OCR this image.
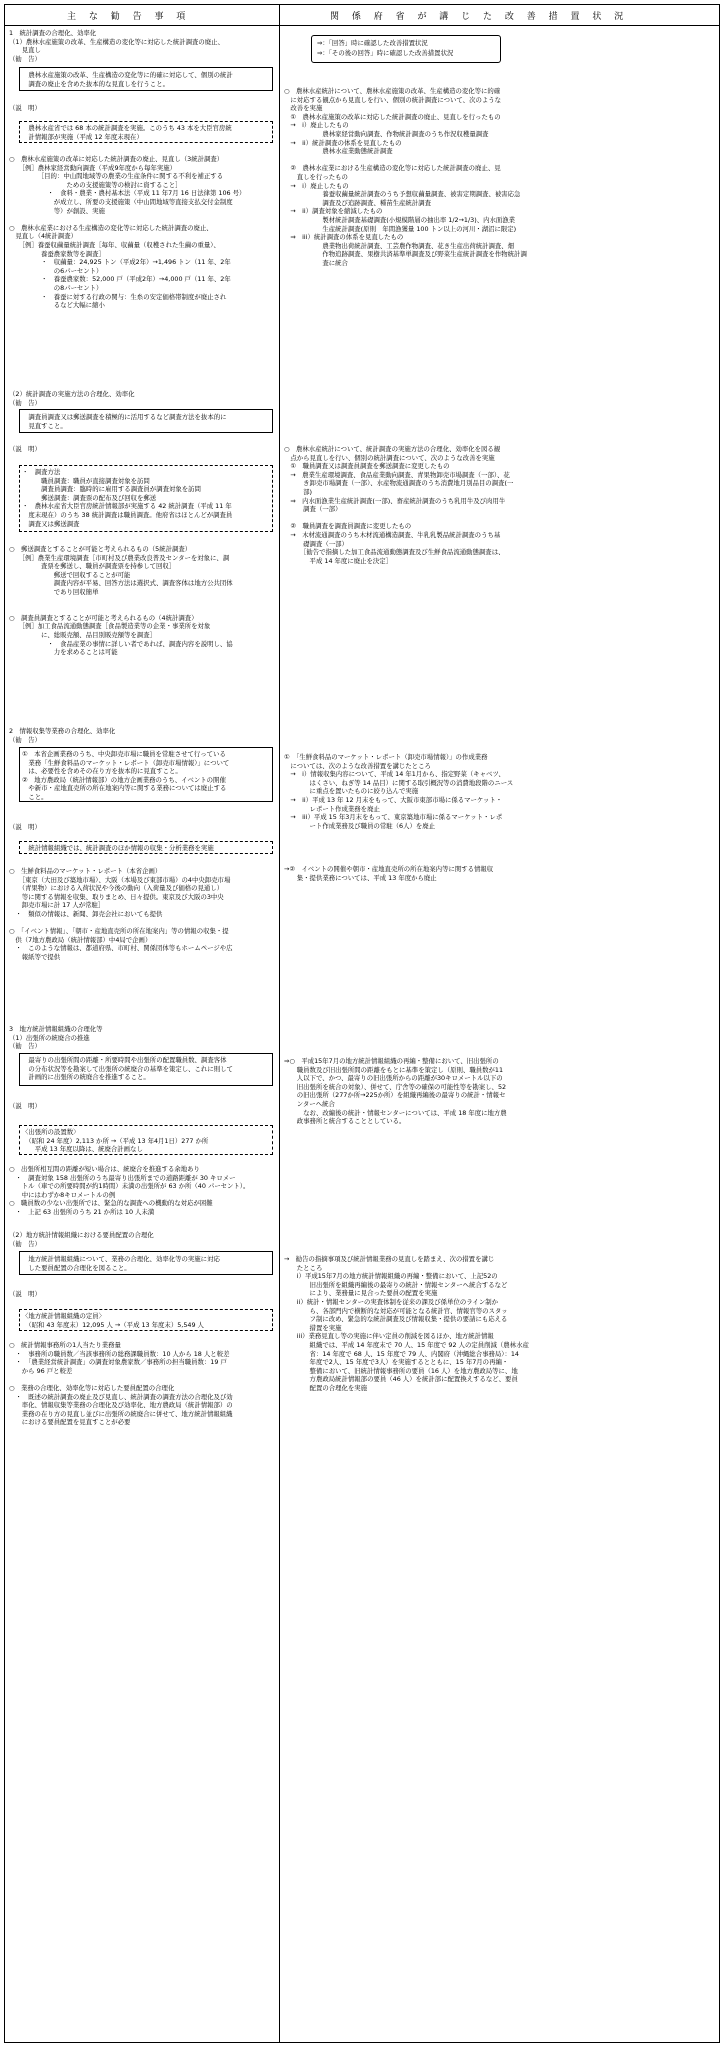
主 な 勧 告 事 項	関 係 府 省 が 講 じ た 改 善 措 置 状 況
1　統計調査の合理化、効率化
（1）農林水産施策の改革、生産構造の変化等に対応した統計調査の廃止、
　　見直し
（勧　告）
　農林水産施策の改革、生産構造の変化等に的確に対応して、個別の統計
　調査の廃止を含めた抜本的な見直しを行うこと。
（説　明）
　農林水産省では 68 本の統計調査を実施。このうち 43 本を大臣官房統
　計情報部が実施（平成 12 年度末現在）
○　農林水産施策の改革に対応した統計調査の廃止、見直し（3統計調査）
　　［例］農林家経営動向調査（平成9年度から毎年実施）
　　　　　［目的：中山間地域等の農業の生産条件に関する不利を補正する
　　　　　　　　　ための支援施策等の検討に資すること］
　　　　　　・　食料・農業・農村基本法（平成 11 年7月 16 日法律第 106 号）
　　　　　　　が成立し、所要の支援施策（中山間地域等直接支払交付金制度
　　　　　　　等）が創設、実施

○　農林水産業における生産構造の変化等に対応した統計調査の廃止、
　見直し（4統計調査）
　　［例］養蚕収繭量統計調査［毎年、収繭量（収穫された生繭の重量）、
　　　　　養蚕農家数等を調査］
　　　　　・　収繭量：24,925 トン（平成2年）→1,496 トン（11 年、2年
　　　　　　　の6パーセント）
　　　　　・　養蚕農家数：52,000 戸（平成2年）→4,000 戸（11 年、2年
　　　　　　　の8パーセント）
　　　　　・　養蚕に対する行政の関与：生糸の安定価格帯制度が廃止され
　　　　　　　るなど大幅に縮小
（2）統計調査の実施方法の合理化、効率化
（勧　告）
　調査員調査又は郵送調査を積極的に活用するなど調査方法を抜本的に
　見直すこと。
（説　明）
・　調査方法
　　　職員調査：職員が直接調査対象を訪問
　　　調査員調査：臨時的に雇用する調査員が調査対象を訪問
　　　郵送調査：調査票の配布及び回収を郵送
・　農林水産省大臣官房統計情報部が実施する 42 統計調査（平成 11 年
　度末現在）のうち 38 統計調査は職員調査。他府省はほとんどが調査員
　調査又は郵送調査
○　郵送調査とすることが可能と考えられるもの（5統計調査）
　　［例］農業生産環境調査［市町村及び農業改良普及センターを対象に、調
　　　　　査票を郵送し、職員が調査票を持参して回収］
　　　　　　　郵送で回収することが可能
　　　　　　　調査内容が平易、回答方法は選択式、調査客体は地方公共団体
　　　　　　　であり回収簡単

○　調査員調査とすることが可能と考えられるもの（4統計調査）
　　［例］加工食品流通動態調査［食品製造業等の企業・事業所を対象
　　　　　に、総販売額、品目別販売額等を調査］
　　　　　　・　食品産業の事情に詳しい者であれば、調査内容を説明し、協
　　　　　　　力を求めることは可能
2　情報収集等業務の合理化、効率化
（勧　告）
①　本省企画業務のうち、中央卸売市場に職員を常駐させて行っている
　業務「生鮮食料品のマーケット・レポート（卸売市場情報）」について
　は、必要性を含めその在り方を抜本的に見直すこと。
②　地方農政局（統計情報部）の地方企画業務のうち、イベントの開催
　や新市・産地直売所の所在地案内等に関する業務については廃止する
　こと。
（説　明）
　統計情報組織では、統計調査のほか情報の収集・分析業務を実施
○　生鮮食料品のマーケット・レポート（本省企画）
　　［東京（大田及び築地市場）、大阪（本場及び東部市場）の4中央卸売市場
　　（青果物）における入荷状況や今後の動向（入荷量及び価格の見通し）
　　等に関する情報を収集、取りまとめ、日々提供。東京及び大阪の3中央
　　卸売市場に計 17 人が常駐］
　・　類似の情報は、新聞、卸売会社においても提供

○　「イベント情報」、「朝市・産地直売所の所在地案内」等の情報の収集・提
　供（7地方農政局（統計情報部）中4局で企画）
　・　このような情報は、都道府県、市町村、関係団体等もホームページや広
　　報紙等で提供
3　地方統計情報組織の合理化等
（1）出張所の統廃合の推進
（勧　告）
　最寄りの出張所間の距離・所要時間や出張所の配置職員数、調査客体
　の分布状況等を勘案して出張所の統廃合の基準を策定し、これに則して
　計画的に出張所の統廃合を推進すること。
（説　明）
〈出張所の設置数〉
　（昭和 24 年度）2,113 か所 →（平成 13 年4月1日）277 か所
　　平成 13 年度以降は、統廃合計画なし
○　出張所相互間の距離が短い場合は、統廃合を推進する余地あり
　・　調査対象 158 出張所のうち最寄り出張所までの道路距離が 30 キロメー
　　トル（車での所要時間が約1時間）未満の出張所が 63 か所（40 パーセント）。
　　中にはわずか8キロメートルの例
○　職員数の少ない出張所では、緊急的な調査への機動的な対応が困難
　・　上記 63 出張所のうち 21 か所は 10 人未満
（2）地方統計情報組織における要員配置の合理化
（勧　告）
　地方統計情報組織について、業務の合理化、効率化等の実施に対応
　した要員配置の合理化を図ること。
（説　明）
〈地方統計情報組織の定員〉
　（昭和 43 年度末）12,095 人 →（平成 13 年度末）5,549 人
○　統計情報事務所の1人当たり業務量
　・　事務所の職員数／当該事務所の総務課職員数：10 人から 18 人と較差
　・　「農業経営統計調査」の調査対象農家数／事務所の担当職員数：19 戸
　　から 96 戸と較差

○　業務の合理化、効率化等に対応した要員配置の合理化
　・　既述の統計調査の廃止及び見直し、統計調査の調査方法の合理化及び効
　　率化、情報収集等業務の合理化及び効率化、地方農政局（統計情報部）の
　　業務の在り方の見直し並びに出張所の統廃合に併せて、地方統計情報組織
　　における要員配置を見直すことが必要
⇒：「回答」時に確認した改善措置状況
⇒：「その後の回答」時に確認した改善措置状況
○　農林水産統計について、農林水産施策の改革、生産構造の変化等に的確
　に対応する観点から見直しを行い、個別の統計調査について、次のような
　改善を実施
　①　農林水産施策の改革に対応した統計調査の廃止、見直しを行ったもの
　→　i）廃止したもの
　　　　　　農林家経営動向調査、作物統計調査のうち作況収穫量調査
　→　ii）統計調査の体系を見直したもの
　　　　　　農林水産業動態統計調査

　②　農林水産業における生産構造の変化等に対応した統計調査の廃止、見
　　直しを行ったもの
　→　i）廃止したもの
　　　　　　養蚕収繭量統計調査のうち予想収繭量調査、被害定期調査、被害応急
　　　　　　調査及び追跡調査、種苗生産統計調査
　→　ii）調査対象を縮減したもの
　　　　　　製材統計調査基礎調査(小規模階層の抽出率 1/2→1/3)、内水面漁業
　　　　　　生産統計調査(原則　年間漁獲量 100 トン以上の河川・湖沼に限定)
　⇒　iii）統計調査の体系を見直したもの
　　　　　　農業物出荷統計調査、工芸農作物調査、花き生産出荷統計調査、畑
　　　　　　作物追跡調査、果樹共済基準単調査及び野菜生産統計調査を作物統計調
　　　　　　査に統合
○　農林水産統計について、統計調査の実施方法の合理化、効率化を図る観
　点から見直しを行い、個別の統計調査について、次のような改善を実施
　①　職員調査又は調査員調査を郵送調査に変更したもの
　→　農業生産環境調査、食品産業動向調査、青果物卸売市場調査（一部）、花
　　　き卸売市場調査（一部）、水産物流通調査のうち消費地月別品目の調査(一
　　　部)
　⇒　内水面漁業生産統計調査(一部)、畜産統計調査のうち乳用牛及び肉用牛
　　　調査（一部）

　②　職員調査を調査員調査に変更したもの
　→　木材流通調査のうち木材流通構造調査、牛乳乳製品統計調査のうち基
　　　礎調査（一部）
　　　［勧告で指摘した加工食品流通動態調査及び生鮮食品流通動態調査は、
　　　　平成 14 年度に廃止を決定］
①　「生鮮食料品のマーケット・レポート（卸売市場情報）」の作成業務
　については、次のような改善措置を講じたところ
　→　i）情報収集内容について、平成 14 年1月から、指定野菜（キャベツ、
　　　　はくさい、ねぎ等 14 品目）に関する取引概況等の消費地段階のニース
　　　　に重点を置いたものに絞り込んで実施
　→　ii）平成 13 年 12 月末をもって、大阪市東部市場に係るマーケット・
　　　　レポート作成業務を廃止
　→　iii）平成 15 年3月末をもって、東京築地市場に係るマーケット・レポ
　　　　ート作成業務及び職員の常駐（6人）を廃止
→②　イベントの開催や朝市・産地直売所の所在地案内等に関する情報収
　　集・提供業務については、平成 13 年度から廃止
⇒○　平成15年7月の地方統計情報組織の再編・整備において、旧出張所の
　　職員数及び旧出張所間の距離をもとに基準を策定し（原則、職員数が11
　　人以下で、かつ、最寄りの旧出張所からの距離が30キロメートル以下の
　　旧出張所を統合の対象）、併せて、庁舎等の確保の可能性等を勘案し、52
　　の旧出張所（277か所→225か所）を組織再編後の最寄りの統計・情報セ
　　ンターへ統合
　　　なお、改編後の統計・情報センターについては、平成 18 年度に地方農
　　政事務所と統合することとしている。
→　勧告の指摘事項及び統計情報業務の見直しを踏まえ、次の措置を講じ
　　たところ
　　i）平成15年7月の地方統計情報組織の再編・整備において、上記52の
　　　　旧出張所を組織再編後の最寄りの統計・情報センターへ統合するなど
　　　　により、業務量に見合った要員の配置を実施
　　ii）統計・情報センターの実査体制を従来の課及び係単位のライン制か
　　　　ら、各部門内で横断的な対応が可能となる統計官、情報官等のスタッ
　　　　フ制に改め、緊急的な統計調査及び情報収集・提供の要請にも応える
　　　　措置を実施
　　iii）業務見直し等の実施に伴い定員の削減を図るほか、地方統計情報
　　　　組織では、平成 14 年度末で 70 人、15 年度で 92 人の定員削減（農林水産
　　　　省：14 年度で 68 人、15 年度で 79 人、内閣府（沖縄総合事務局）：14
　　　　年度で2人、15 年度で3人）を実施するとともに、15 年7月の再編・
　　　　整備において、旧統計情報事務所の要員（16 人）を地方農政局等に、地
　　　　方農政局統計情報部の要員（46 人）を統計部に配置換えするなど、要員
　　　　配置の合理化を実施
